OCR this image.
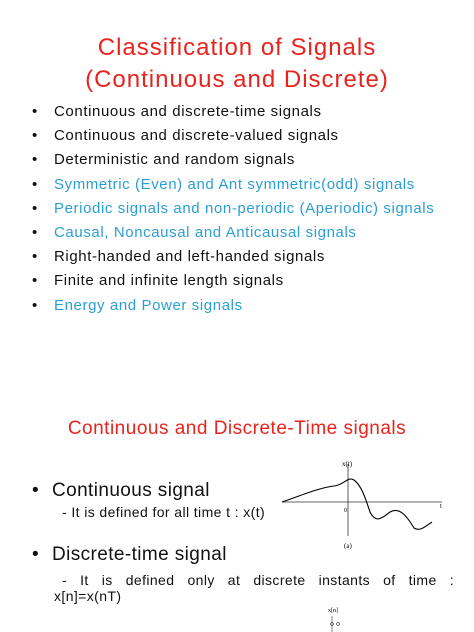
Classification of Signals
(Continuous and Discrete)
• Continuous and discrete-time signals
• Continuous and discrete-valued signals
• Deterministic and random signals
• Symmetric (Even) and Ant symmetric(odd) signals
• Periodic signals and non-periodic (Aperiodic) signals
• Causal, Noncausal and Anticausal signals
• Right-handed and left-handed signals
• Finite and infinite length signals
• Energy and Power signals
Continuous and Discrete-Time signals
• Continuous signal
- It is defined for all time t : x(t)
• Discrete-time signal
- It is defined only at discrete instants of time :
x[n]=x(nT)
x(t)
t
0
(a)
x[n]
